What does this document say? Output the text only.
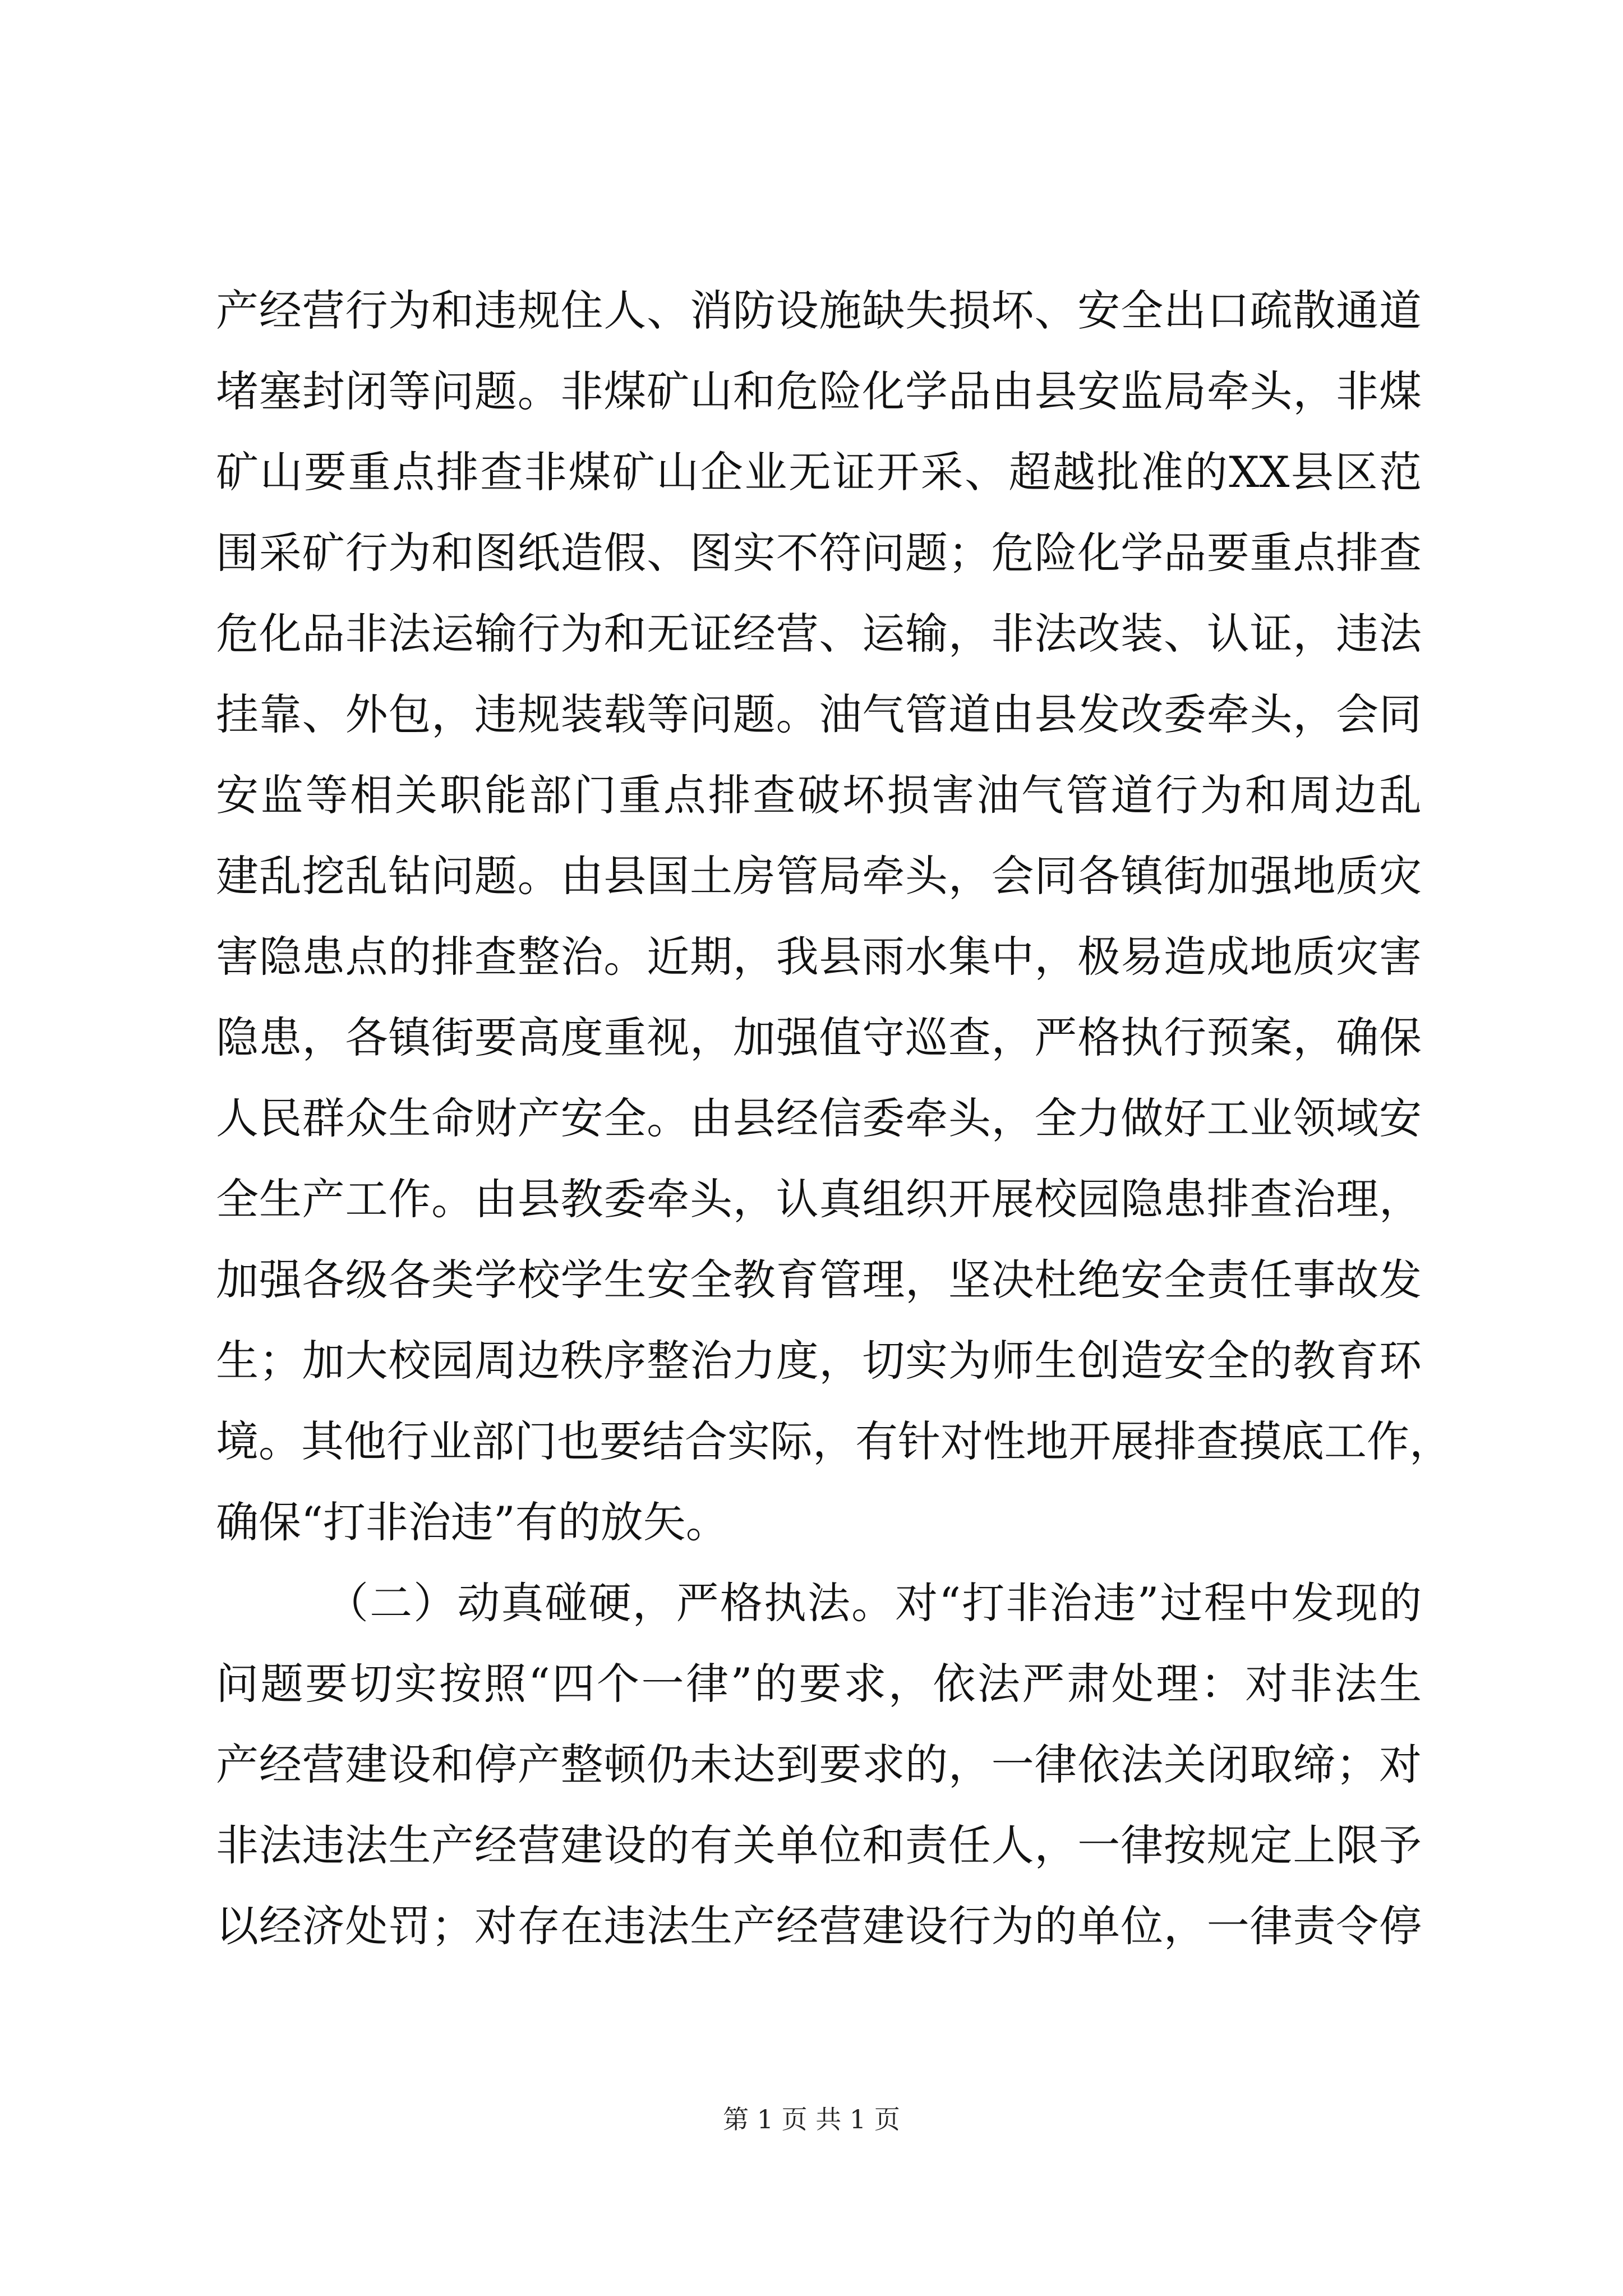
产经营行为和违规住人、消防设施缺失损坏、安全出口疏散通道
堵塞封闭等问题。非煤矿山和危险化学品由县安监局牵头，非煤
矿山要重点排查非煤矿山企业无证开采、超越批准的XX县区范
围采矿行为和图纸造假、图实不符问题；危险化学品要重点排查
危化品非法运输行为和无证经营、运输，非法改装、认证，违法
挂靠、外包，违规装载等问题。油气管道由县发改委牵头，会同
安监等相关职能部门重点排查破坏损害油气管道行为和周边乱
建乱挖乱钻问题。由县国土房管局牵头，会同各镇街加强地质灾
害隐患点的排查整治。近期，我县雨水集中，极易造成地质灾害
隐患，各镇街要高度重视，加强值守巡查，严格执行预案，确保
人民群众生命财产安全。由县经信委牵头，全力做好工业领域安
全生产工作。由县教委牵头，认真组织开展校园隐患排查治理，
加强各级各类学校学生安全教育管理，坚决杜绝安全责任事故发
生；加大校园周边秩序整治力度，切实为师生创造安全的教育环
境。其他行业部门也要结合实际，有针对性地开展排查摸底工作，
确保“打非治违”有的放矢。
（二）动真碰硬，严格执法。对“打非治违”过程中发现的
问题要切实按照“四个一律”的要求，依法严肃处理：对非法生
产经营建设和停产整顿仍未达到要求的，一律依法关闭取缔；对
非法违法生产经营建设的有关单位和责任人，一律按规定上限予
以经济处罚；对存在违法生产经营建设行为的单位，一律责令停
第 1 页 共 1 页
